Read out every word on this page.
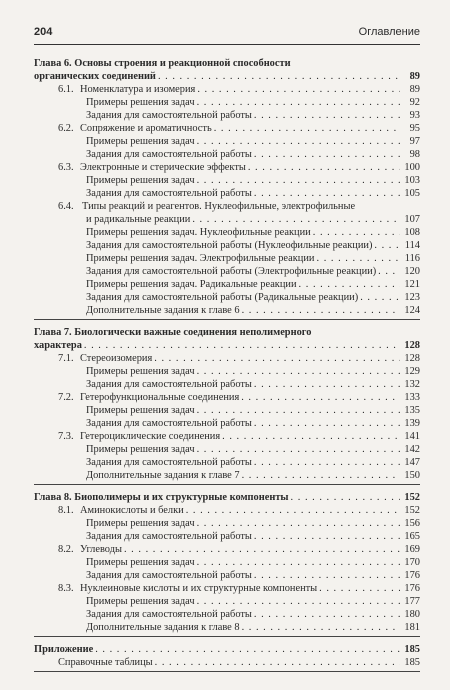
204	Оглавление
Глава 6. Основы строения и реакционной способности
органических соединений . . .	89
6.1. Номенклатура и изомерия . . .	89
Примеры решения задач . . .	92
Задания для самостоятельной работы . . .	93
6.2. Сопряжение и ароматичность . . .	95
Примеры решения задач . . .	97
Задания для самостоятельной работы . . .	98
6.3. Электронные и стерические эффекты . . .	100
Примеры решения задач . . .	103
Задания для самостоятельной работы . . .	105
6.4. Типы реакций и реагентов. Нуклеофильные, электрофильные
и радикальные реакции . . .	107
Примеры решения задач. Нуклеофильные реакции . . .	108
Задания для самостоятельной работы (Нуклеофильные реакции) . . .	114
Примеры решения задач. Электрофильные реакции . . .	116
Задания для самостоятельной работы (Электрофильные реакции) . . .	120
Примеры решения задач. Радикальные реакции . . .	121
Задания для самостоятельной работы (Радикальные реакции) . . .	123
Дополнительные задания к главе 6 . . .	124
Глава 7. Биологически важные соединения неполимерного
характера . . .	128
7.1. Стереоизомерия . . .	128
Примеры решения задач . . .	129
Задания для самостоятельной работы . . .	132
7.2. Гетерофункциональные соединения . . .	133
Примеры решения задач . . .	135
Задания для самостоятельной работы . . .	139
7.3. Гетероциклические соединения . . .	141
Примеры решения задач . . .	142
Задания для самостоятельной работы . . .	147
Дополнительные задания к главе 7 . . .	150
Глава 8. Биополимеры и их структурные компоненты . . .	152
8.1. Аминокислоты и белки . . .	152
Примеры решения задач . . .	156
Задания для самостоятельной работы . . .	165
8.2. Углеводы . . .	169
Примеры решения задач . . .	170
Задания для самостоятельной работы . . .	176
8.3. Нуклеиновые кислоты и их структурные компоненты . . .	176
Примеры решения задач . . .	177
Задания для самостоятельной работы . . .	180
Дополнительные задания к главе 8 . . .	181
Приложение . . .	185
Справочные таблицы . . .	185
